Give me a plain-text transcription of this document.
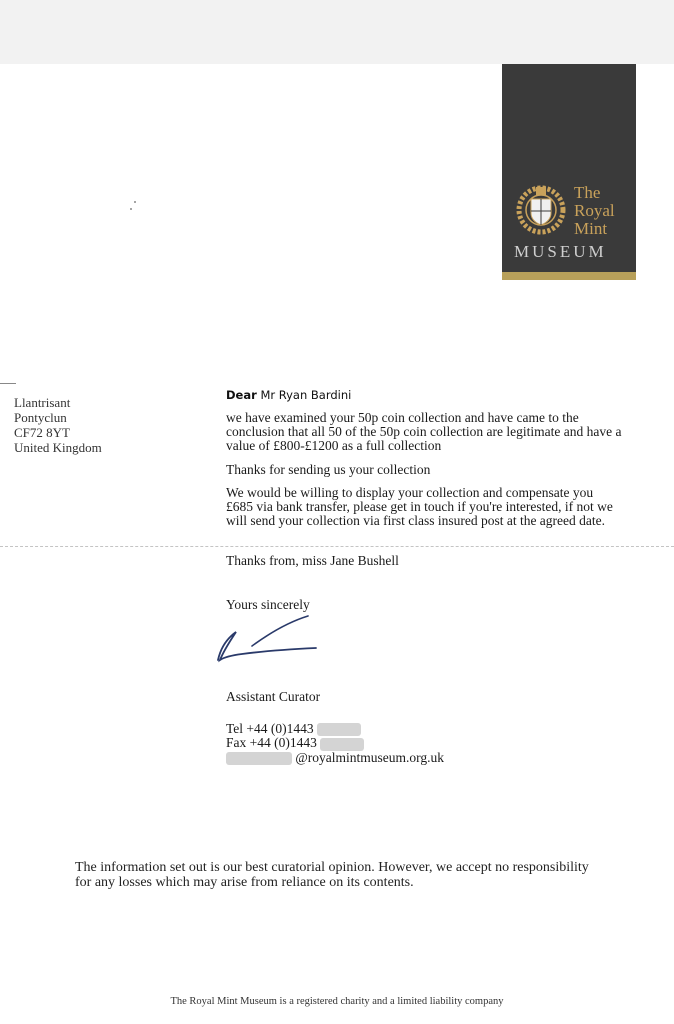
The
Royal
Mint
MUSEUM
Llantrisant
Pontyclun
CF72 8YT
United Kingdom
Dear Mr Ryan Bardini
we have examined your 50p coin collection and have came to the
conclusion that all 50 of the 50p coin collection are legitimate and have a
value of £800-£1200 as a full collection
Thanks for sending us your collection
We would be willing to display your collection and compensate you
£685 via bank transfer, please get in touch if you're interested, if not we
will send your collection via first class insured post at the agreed date.
Thanks from, miss Jane Bushell
Yours sincerely
Assistant Curator
Tel +44 (0)1443
Fax +44 (0)1443
@royalmintmuseum.org.uk
The information set out is our best curatorial opinion. However, we accept no responsibility
for any losses which may arise from reliance on its contents.
The Royal Mint Museum is a registered charity and a limited liability company
